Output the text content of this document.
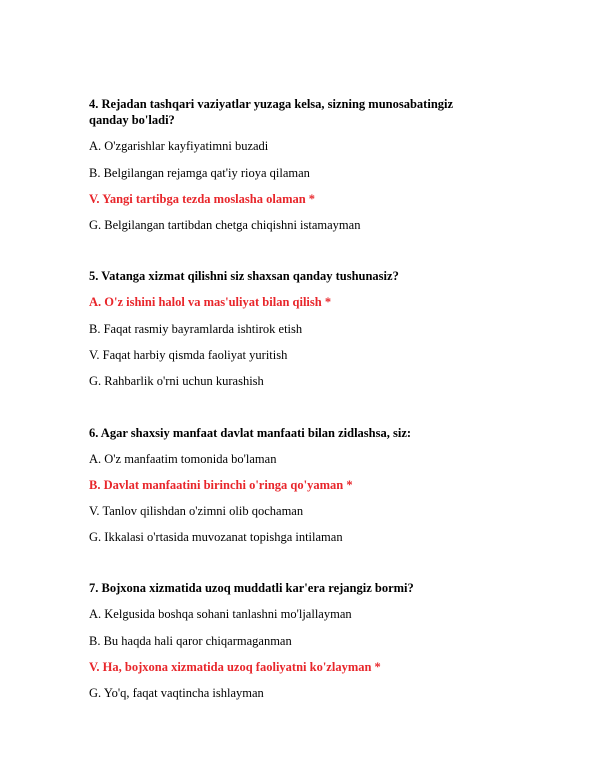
4. Rejadan tashqari vaziyatlar yuzaga kelsa, sizning munosabatingiz qanday bo'ladi?
A. O'zgarishlar kayfiyatimni buzadi
B. Belgilangan rejamga qat'iy rioya qilaman
V. Yangi tartibga tezda moslasha olaman *
G. Belgilangan tartibdan chetga chiqishni istamayman
5. Vatanga xizmat qilishni siz shaxsan qanday tushunasiz?
A. O'z ishini halol va mas'uliyat bilan qilish *
B. Faqat rasmiy bayramlarda ishtirok etish
V. Faqat harbiy qismda faoliyat yuritish
G. Rahbarlik o'rni uchun kurashish
6. Agar shaxsiy manfaat davlat manfaati bilan zidlashsa, siz:
A. O'z manfaatim tomonida bo'laman
B. Davlat manfaatini birinchi o'ringa qo'yaman *
V. Tanlov qilishdan o'zimni olib qochaman
G. Ikkalasi o'rtasida muvozanat topishga intilaman
7. Bojxona xizmatida uzoq muddatli kar'era rejangiz bormi?
A. Kelgusida boshqa sohani tanlashni mo'ljallayman
B. Bu haqda hali qaror chiqarmaganman
V. Ha, bojxona xizmatida uzoq faoliyatni ko'zlayman *
G. Yo'q, faqat vaqtincha ishlayman
